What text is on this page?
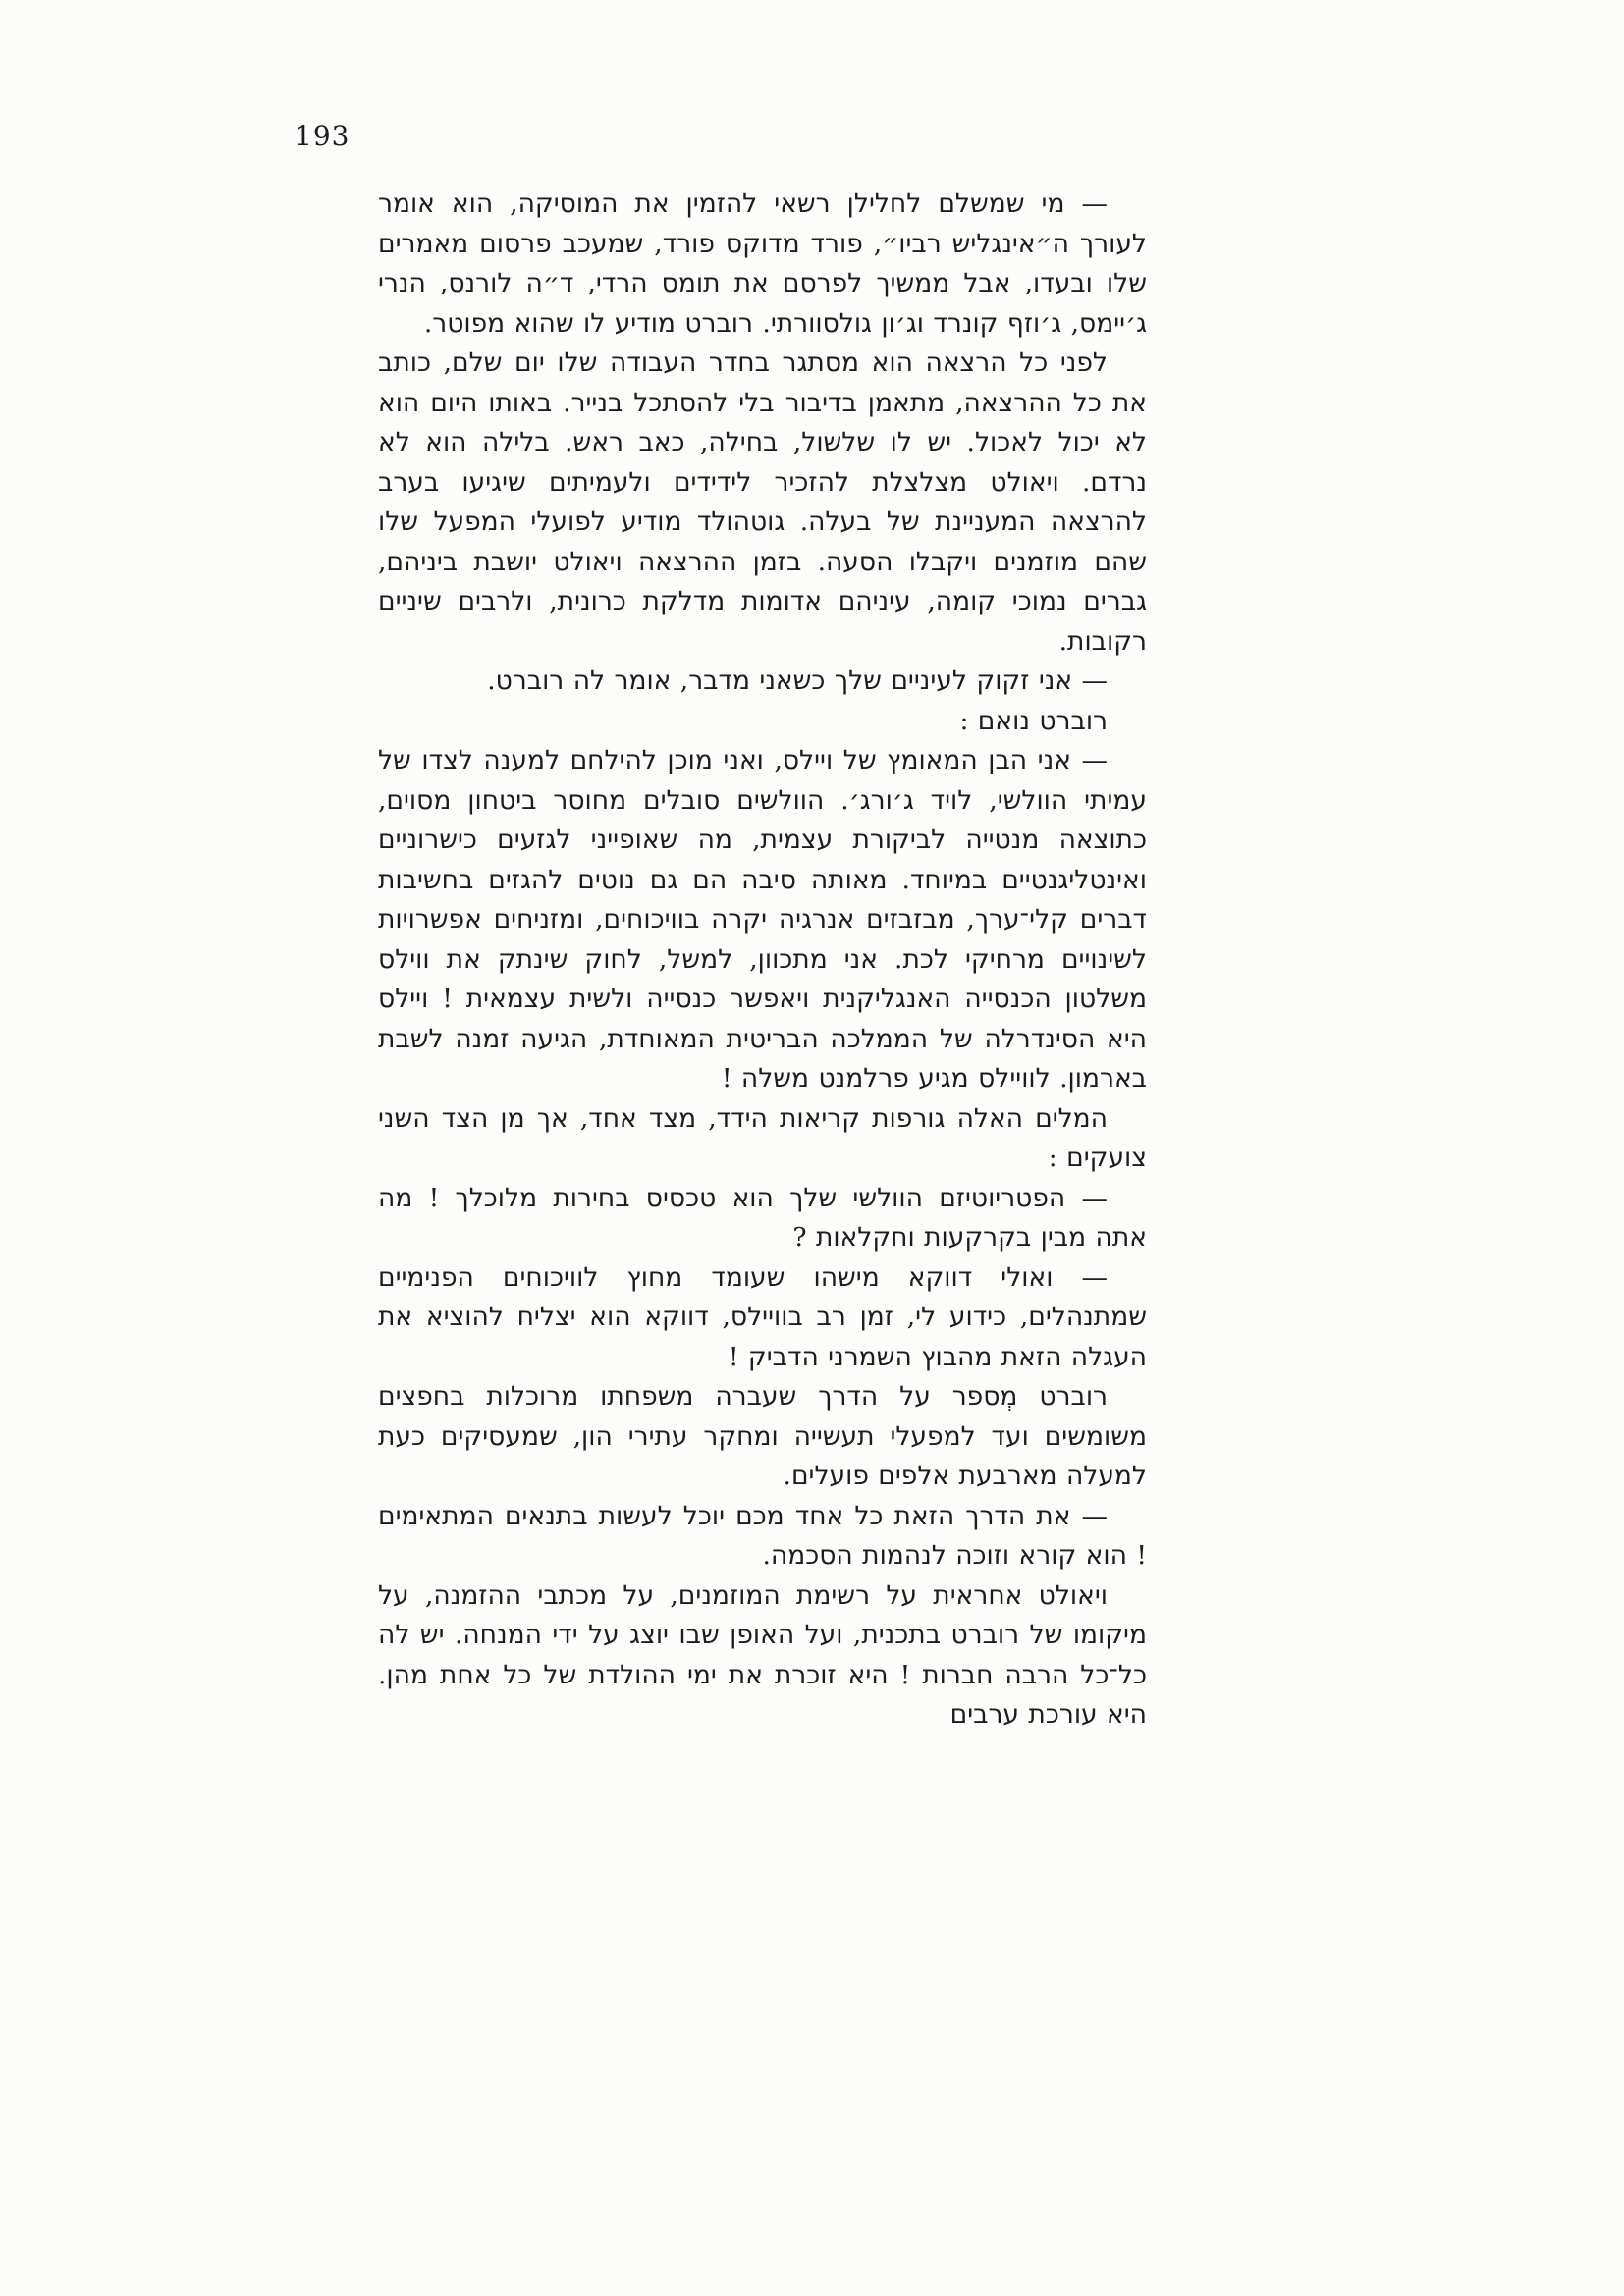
193

— מי שמשלם לחלילן רשאי להזמין את המוסיקה, הוא אומר לעורך ה״אינגליש רביו״, פורד מדוקס פורד, שמעכב פרסום מאמרים שלו ובעדו, אבל ממשיך לפרסם את תומס הרדי, ד״ה לורנס, הנרי ג׳יימס, ג׳וזף קונרד וג׳ון גולסוורתי. רוברט מודיע לו שהוא מפוטר.

לפני כל הרצאה הוא מסתגר בחדר העבודה שלו יום שלם, כותב את כל ההרצאה, מתאמן בדיבור בלי להסתכל בנייר. באותו היום הוא לא יכול לאכול. יש לו שלשול, בחילה, כאב ראש. בלילה הוא לא נרדם. ויאולט מצלצלת להזכיר לידידים ולעמיתים שיגיעו בערב להרצאה המעניינת של בעלה. גוטהולד מודיע לפועלי המפעל שלו שהם מוזמנים ויקבלו הסעה. בזמן ההרצאה ויאולט יושבת ביניהם, גברים נמוכי קומה, עיניהם אדומות מדלקת כרונית, ולרבים שיניים רקובות.

— אני זקוק לעיניים שלך כשאני מדבר, אומר לה רוברט.

רוברט נואם :

— אני הבן המאומץ של ויילס, ואני מוכן להילחם למענה לצדו של עמיתי הוולשי, לויד ג׳ורג׳. הוולשים סובלים מחוסר ביטחון מסוים, כתוצאה מנטייה לביקורת עצמית, מה שאופייני לגזעים כישרוניים ואינטליגנטיים במיוחד. מאותה סיבה הם גם נוטים להגזים בחשיבות דברים קלי־ערך, מבזבזים אנרגיה יקרה בוויכוחים, ומזניחים אפשרויות לשינויים מרחיקי לכת. אני מתכוון, למשל, לחוק שינתק את ווילס משלטון הכנסייה האנגליקנית ויאפשר כנסייה ולשית עצמאית ! ויילס היא הסינדרלה של הממלכה הבריטית המאוחדת, הגיעה זמנה לשבת בארמון. לוויילס מגיע פרלמנט משלה !

המלים האלה גורפות קריאות הידד, מצד אחד, אך מן הצד השני צועקים :

— הפטריוטיזם הוולשי שלך הוא טכסיס בחירות מלוכלך ! מה אתה מבין בקרקעות וחקלאות ?

— ואולי דווקא מישהו שעומד מחוץ לוויכוחים הפנימיים שמתנהלים, כידוע לי, זמן רב בוויילס, דווקא הוא יצליח להוציא את העגלה הזאת מהבוץ השמרני הדביק !

רוברט מְספר על הדרך שעברה משפחתו מרוכלות בחפצים משומשים ועד למפעלי תעשייה ומחקר עתירי הון, שמעסיקים כעת למעלה מארבעת אלפים פועלים.

— את הדרך הזאת כל אחד מכם יוכל לעשות בתנאים המתאימים ! הוא קורא וזוכה לנהמות הסכמה.

ויאולט אחראית על רשימת המוזמנים, על מכתבי ההזמנה, על מיקומו של רוברט בתכנית, ועל האופן שבו יוצג על ידי המנחה. יש לה כל־כל הרבה חברות ! היא זוכרת את ימי ההולדת של כל אחת מהן. היא עורכת ערבים
